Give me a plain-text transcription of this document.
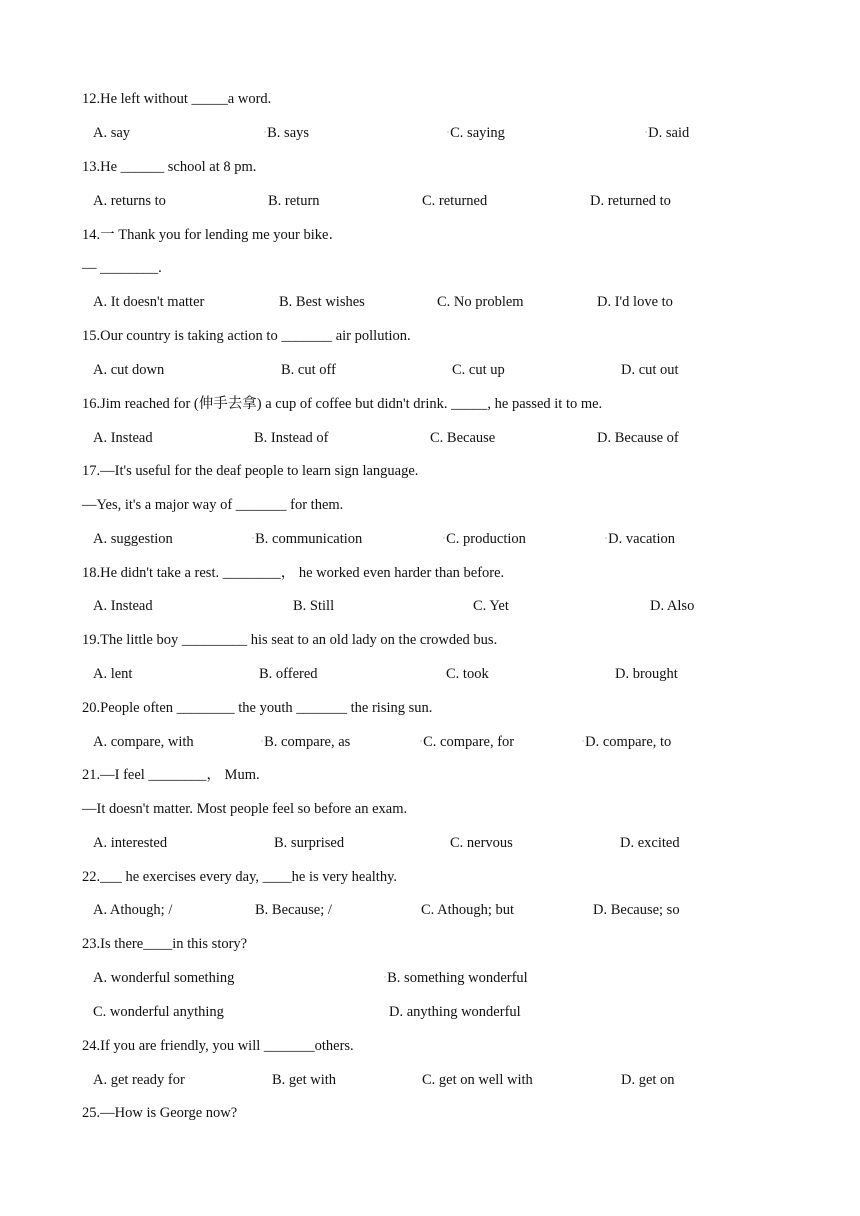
12.He left without _____a word.
A. say	▫B. says	▫C. saying	▫D. said
13.He ______ school at 8 pm.
A. returns to	B. return	C. returned	D. returned to
14.一 Thank you for lending me your bike．
— ________.
A. It doesn't matter	B. Best wishes	C. No problem	D. I'd love to
15.Our country is taking action to _______ air pollution.
A. cut down	B. cut off	C. cut up	D. cut out
16.Jim reached for (伸手去拿) a cup of coffee but didn't drink. _____, he passed it to me.
A. Instead	B. Instead of	C. Because	D. Because of
17.—It's useful for the deaf people to learn sign language.
—Yes, it's a major way of _______ for them.
A. suggestion	▫B. communication	▫C. production	▫D. vacation
18.He didn't take a rest. ________， he worked even harder than before.
A. Instead	B. Still	C. Yet	D. Also
19.The little boy _________ his seat to an old lady on the crowded bus.
A. lent	B. offered	C. took	D. brought
20.People often ________ the youth _______ the rising sun.
A. compare, with	▫B. compare, as	▫C. compare, for	▫D. compare, to
21.—I feel ________， Mum.
—It doesn't matter. Most people feel so before an exam.
A. interested	B. surprised	C. nervous	D. excited
22.___ he exercises every day, ____he is very healthy.
A. Athough; /	B. Because; /	C. Athough; but	D. Because; so
23.Is there____in this story?
A. wonderful something	▫B. something wonderful
C. wonderful anything	D. anything wonderful
24.If you are friendly, you will _______others.
A. get ready for	B. get with	C. get on well with	D. get on
25.—How is George now?
